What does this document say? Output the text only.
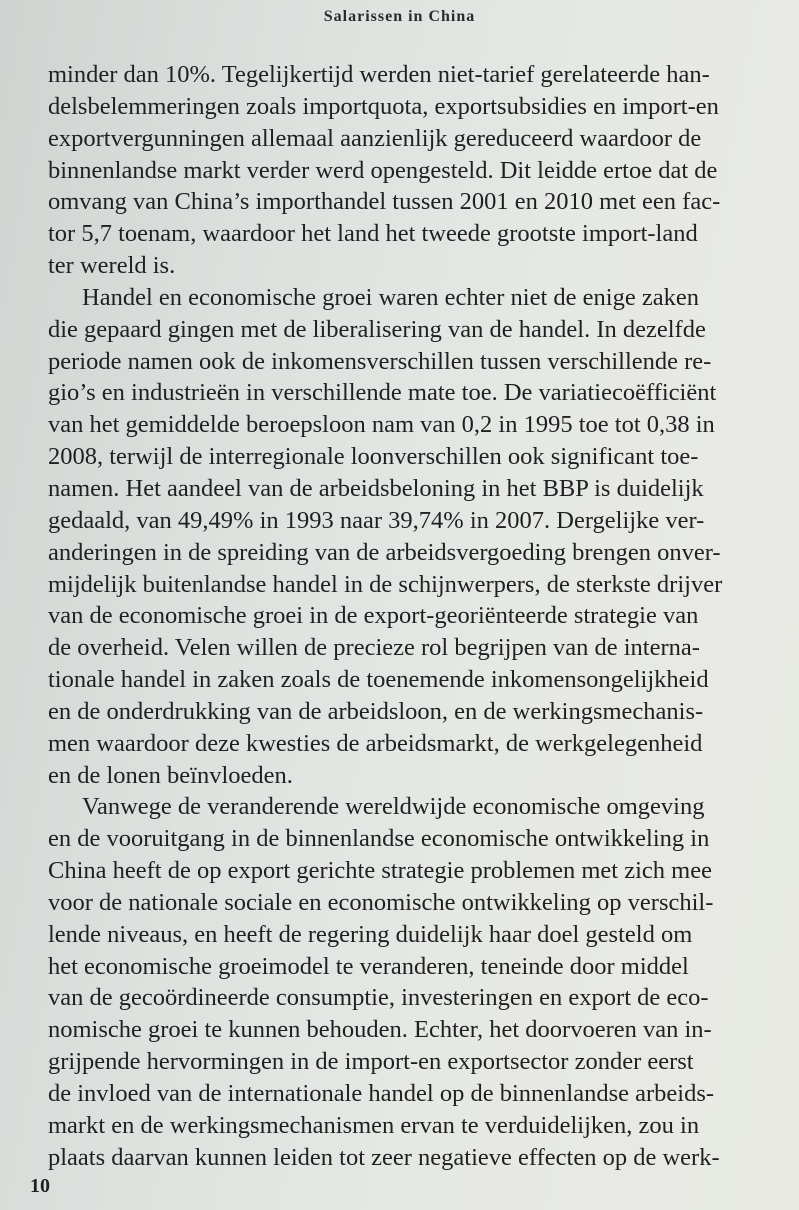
Salarissen in China
minder dan 10%. Tegelijkertijd werden niet-tarief gerelateerde han-
delsbelemmeringen zoals importquota, exportsubsidies en import-en
exportvergunningen allemaal aanzienlijk gereduceerd waardoor de
binnenlandse markt verder werd opengesteld. Dit leidde ertoe dat de
omvang van China’s importhandel tussen 2001 en 2010 met een fac-
tor 5,7 toenam, waardoor het land het tweede grootste import-land
ter wereld is.
Handel en economische groei waren echter niet de enige zaken
die gepaard gingen met de liberalisering van de handel. In dezelfde
periode namen ook de inkomensverschillen tussen verschillende re-
gio’s en industrieën in verschillende mate toe. De variatiecoëfficiënt
van het gemiddelde beroepsloon nam van 0,2 in 1995 toe tot 0,38 in
2008, terwijl de interregionale loonverschillen ook significant toe-
namen. Het aandeel van de arbeidsbeloning in het BBP is duidelijk
gedaald, van 49,49% in 1993 naar 39,74% in 2007. Dergelijke ver-
anderingen in de spreiding van de arbeidsvergoeding brengen onver-
mijdelijk buitenlandse handel in de schijnwerpers, de sterkste drijver
van de economische groei in de export-georiënteerde strategie van
de overheid. Velen willen de precieze rol begrijpen van de interna-
tionale handel in zaken zoals de toenemende inkomensongelijkheid
en de onderdrukking van de arbeidsloon, en de werkingsmechanis-
men waardoor deze kwesties de arbeidsmarkt, de werkgelegenheid
en de lonen beïnvloeden.
Vanwege de veranderende wereldwijde economische omgeving
en de vooruitgang in de binnenlandse economische ontwikkeling in
China heeft de op export gerichte strategie problemen met zich mee
voor de nationale sociale en economische ontwikkeling op verschil-
lende niveaus, en heeft de regering duidelijk haar doel gesteld om
het economische groeimodel te veranderen, teneinde door middel
van de gecoördineerde consumptie, investeringen en export de eco-
nomische groei te kunnen behouden. Echter, het doorvoeren van in-
grijpende hervormingen in de import-en exportsector zonder eerst
de invloed van de internationale handel op de binnenlandse arbeids-
markt en de werkingsmechanismen ervan te verduidelijken, zou in
plaats daarvan kunnen leiden tot zeer negatieve effecten op de werk-
10
